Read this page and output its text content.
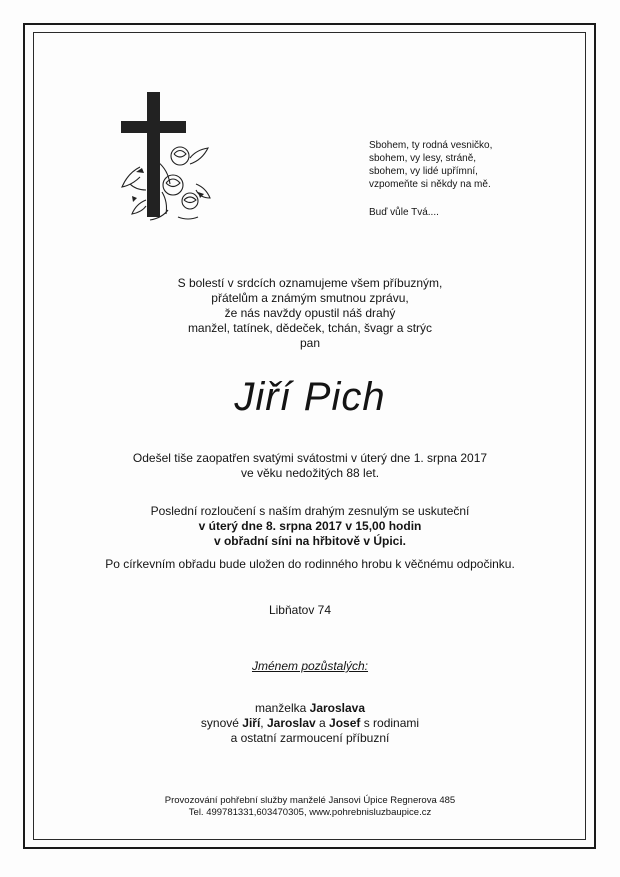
Sbohem, ty rodná vesničko,
sbohem, vy lesy, stráně,
sbohem, vy lidé upřímní,
vzpomeňte si někdy na mě.
Buď vůle Tvá....
S bolestí v srdcích oznamujeme všem příbuzným,
přátelům a známým smutnou zprávu,
že nás navždy opustil náš drahý
manžel, tatínek, dědeček, tchán, švagr a strýc
pan
Jiří Pich
Odešel tiše zaopatřen svatými svátostmi v úterý dne 1. srpna 2017
ve věku nedožitých 88 let.
Poslední rozloučení s naším drahým zesnulým se uskuteční
v úterý dne 8. srpna 2017 v 15,00 hodin
v obřadní síni na hřbitově v Úpici.
Po církevním obřadu bude uložen do rodinného hrobu k věčnému odpočinku.
Libňatov 74
Jménem pozůstalých:
manželka Jaroslava
synové Jiří, Jaroslav a Josef s rodinami
a ostatní zarmoucení příbuzní
Provozování pohřební služby manželé Jansovi Úpice Regnerova 485
Tel. 499781331,603470305, www.pohrebnisluzbaupice.cz
